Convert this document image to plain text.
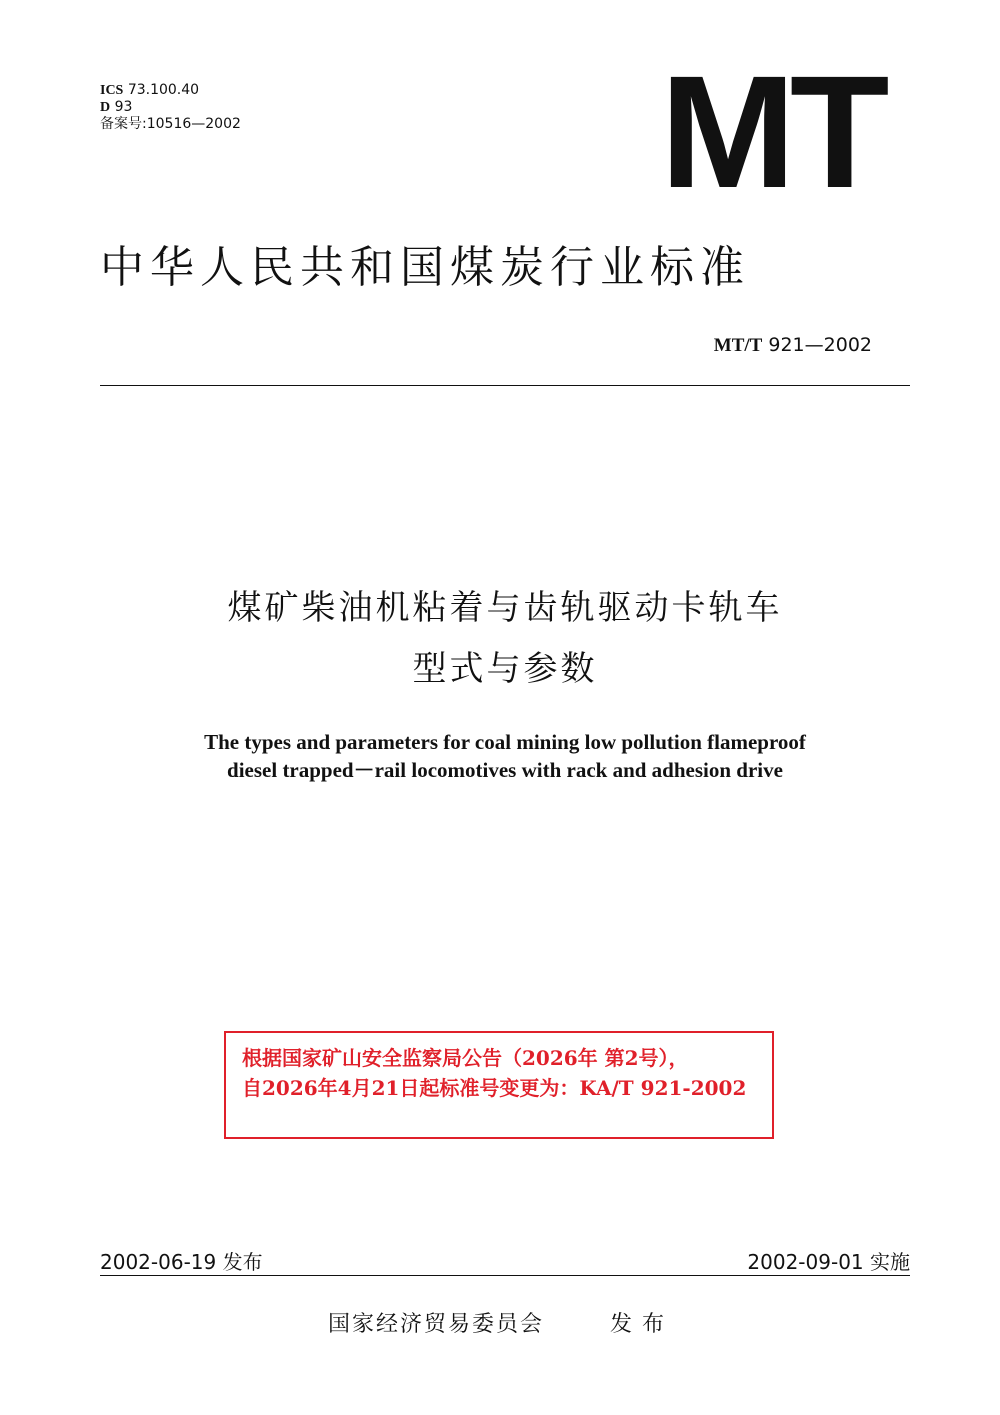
ICS 73.100.40
D 93
备案号:10516—2002	MT
中华人民共和国煤炭行业标准
MT/T 921—2002
煤矿柴油机粘着与齿轨驱动卡轨车
型式与参数
The types and parameters for coal mining low pollution flameproof
diesel trapped－rail locomotives with rack and adhesion drive
根据国家矿山安全监察局公告（2026年 第2号），
自2026年4月21日起标准号变更为：KA/T 921-2002
2002-06-19 发布	2002-09-01 实施
国家经济贸易委员会	发布
